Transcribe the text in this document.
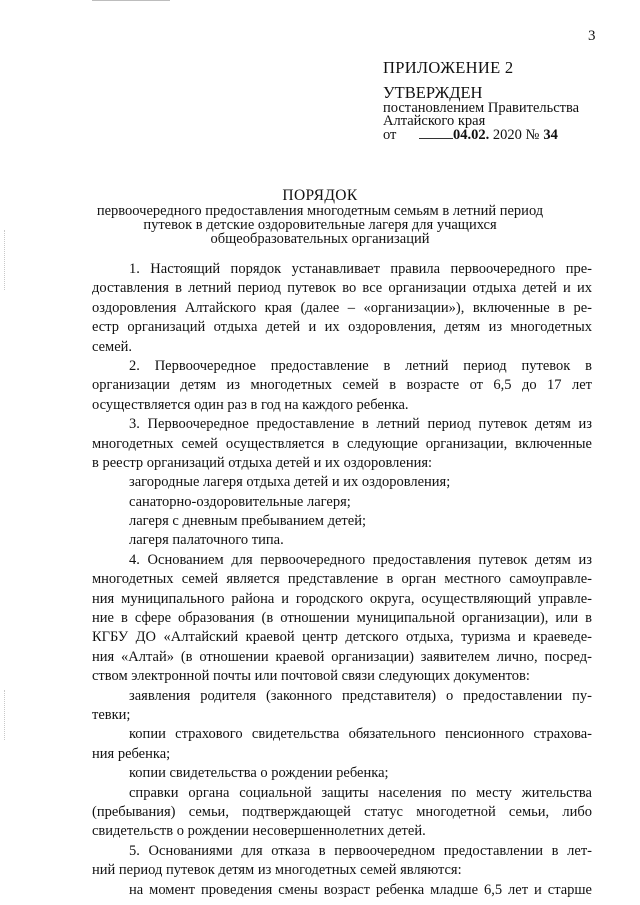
3
ПРИЛОЖЕНИЕ 2
УТВЕРЖДЕН
постановлением Правительства
Алтайского края
от	04.02. 2020 № 34
ПОРЯДОК
первоочередного предоставления многодетным семьям в летний период
путевок в детские оздоровительные лагеря для учащихся
общеобразовательных организаций
1. Настоящий порядок устанавливает правила первоочередного пре-
доставления в летний период путевок во все организации отдыха детей и их
оздоровления Алтайского края (далее – «организации»), включенные в ре-
естр организаций отдыха детей и их оздоровления, детям из многодетных
семей.
2. Первоочередное предоставление в летний период путевок в
организации детям из многодетных семей в возрасте от 6,5 до 17 лет
осуществляется один раз в год на каждого ребенка.
3. Первоочередное предоставление в летний период путевок детям из
многодетных семей осуществляется в следующие организации, включенные
в реестр организаций отдыха детей и их оздоровления:
загородные лагеря отдыха детей и их оздоровления;
санаторно-оздоровительные лагеря;
лагеря с дневным пребыванием детей;
лагеря палаточного типа.
4. Основанием для первоочередного предоставления путевок детям из
многодетных семей является представление в орган местного самоуправле-
ния муниципального района и городского округа, осуществляющий управле-
ние в сфере образования (в отношении муниципальной организации), или в
КГБУ ДО «Алтайский краевой центр детского отдыха, туризма и краеведе-
ния «Алтай» (в отношении краевой организации) заявителем лично, посред-
ством электронной почты или почтовой связи следующих документов:
заявления родителя (законного представителя) о предоставлении пу-
тевки;
копии страхового свидетельства обязательного пенсионного страхова-
ния ребенка;
копии свидетельства о рождении ребенка;
справки органа социальной защиты населения по месту жительства
(пребывания) семьи, подтверждающей статус многодетной семьи, либо
свидетельств о рождении несовершеннолетних детей.
5. Основаниями для отказа в первоочередном предоставлении в лет-
ний период путевок детям из многодетных семей являются:
на момент проведения смены возраст ребенка младше 6,5 лет и старше
